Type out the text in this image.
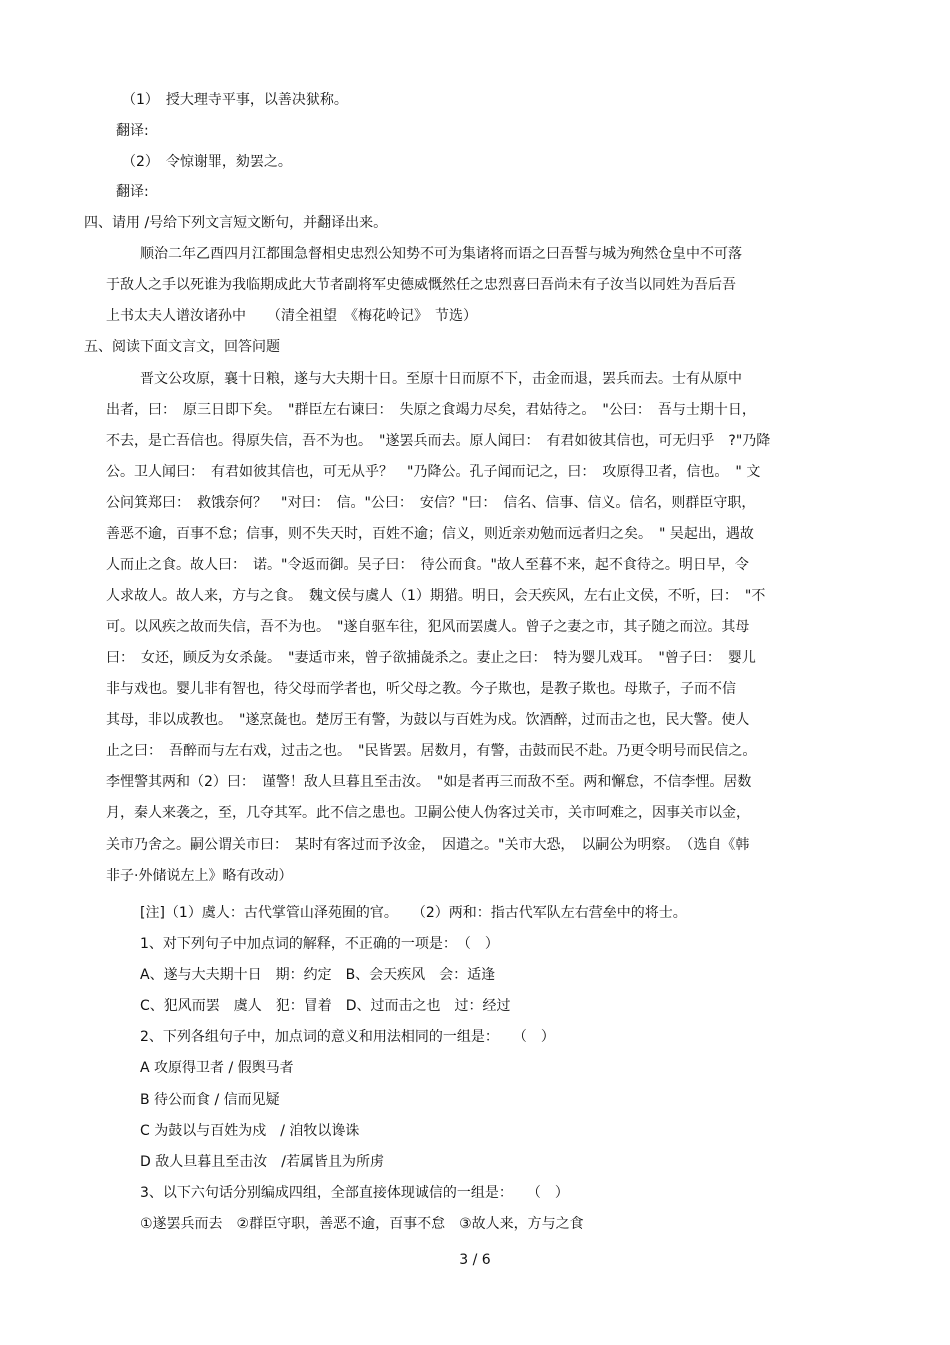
（1）　授大理寺平事，以善决狱称。

翻译:

（2）　令惊谢罪，劾罢之。

翻译:

四、请用 /号给下列文言短文断句，并翻译出来。

顺治二年乙酉四月江都围急督相史忠烈公知势不可为集诸将而语之曰吾誓与城为殉然仓皇中不可落

于敌人之手以死谁为我临期成此大节者副将军史德威慨然任之忠烈喜曰吾尚未有子汝当以同姓为吾后吾

上书太夫人谱汝诸孙中　　（清全祖望　《梅花岭记》　节选）

五、阅读下面文言文，回答问题

晋文公攻原，襄十日粮，遂与大夫期十日。至原十日而原不下，击金而退，罢兵而去。士有从原中

出者，曰：　原三日即下矣。　"群臣左右谏曰：　失原之食竭力尽矣，君姑待之。　"公曰：　吾与士期十日，

不去，是亡吾信也。得原失信，吾不为也。　"遂罢兵而去。原人闻曰：　有君如彼其信也，可无归乎　?"乃降

公。卫人闻曰：　有君如彼其信也，可无从乎？　"乃降公。孔子闻而记之，曰：　攻原得卫者，信也。　" 文

公问箕郑曰：　救饿奈何？　"对曰：　信。"公曰：　安信？"曰：　信名、信事、信义。信名，则群臣守职，

善恶不逾，百事不怠；信事，则不失天时，百姓不逾；信义，则近亲劝勉而远者归之矣。　" 吴起出，遇故

人而止之食。故人曰：　诺。"令返而御。吴子曰：　待公而食。"故人至暮不来，起不食待之。明日早，令

人求故人。故人来，方与之食。　魏文侯与虞人（1）期猎。明日，会天疾风，左右止文侯，不听，曰：　"不

可。以风疾之故而失信，吾不为也。　"遂自驱车往，犯风而罢虞人。曾子之妻之市，其子随之而泣。其母

曰：　女还，顾反为女杀彘。　"妻适市来，曾子欲捕彘杀之。妻止之曰：　特为婴儿戏耳。　"曾子曰：　婴儿

非与戏也。婴儿非有智也，待父母而学者也，听父母之教。今子欺也，是教子欺也。母欺子，子而不信

其母，非以成教也。　"遂烹彘也。楚厉王有警，为鼓以与百姓为戍。饮酒醉，过而击之也，民大警。使人

止之曰：　吾醉而与左右戏，过击之也。　"民皆罢。居数月，有警，击鼓而民不赴。乃更令明号而民信之。

李悝警其两和（2）曰：　谨警！敌人旦暮且至击汝。　"如是者再三而敌不至。两和懈怠，不信李悝。居数

月，秦人来袭之，至，几夺其军。此不信之患也。卫嗣公使人伪客过关市，关市呵难之，因事关市以金，

关市乃舍之。嗣公谓关市曰：　某时有客过而予汝金，　因遣之。"关市大恐，　以嗣公为明察。　（选自《韩

非子·外储说左上》略有改动）

[注]（1）虞人：古代掌管山泽苑囿的官。　　（2）两和：指古代军队左右营垒中的将士。

1、对下列句子中加点词的解释，不正确的一项是：　（　）

A、遂与大夫期十日　期：约定　B、会天疾风　会：适逢

C、犯风而罢　虞人　犯：冒着　D、过而击之也　过：经过

2、下列各组句子中，加点词的意义和用法相同的一组是：　　（　）

A 攻原得卫者 / 假舆马者

B 待公而食 / 信而见疑

C 为鼓以与百姓为戍　/ 洎牧以谗诛

D 敌人旦暮且至击汝　/若属皆且为所虏

3、以下六句话分别编成四组，全部直接体现诚信的一组是：　　（　）

①遂罢兵而去　②群臣守职，善恶不逾，百事不怠　③故人来，方与之食

3 / 6
